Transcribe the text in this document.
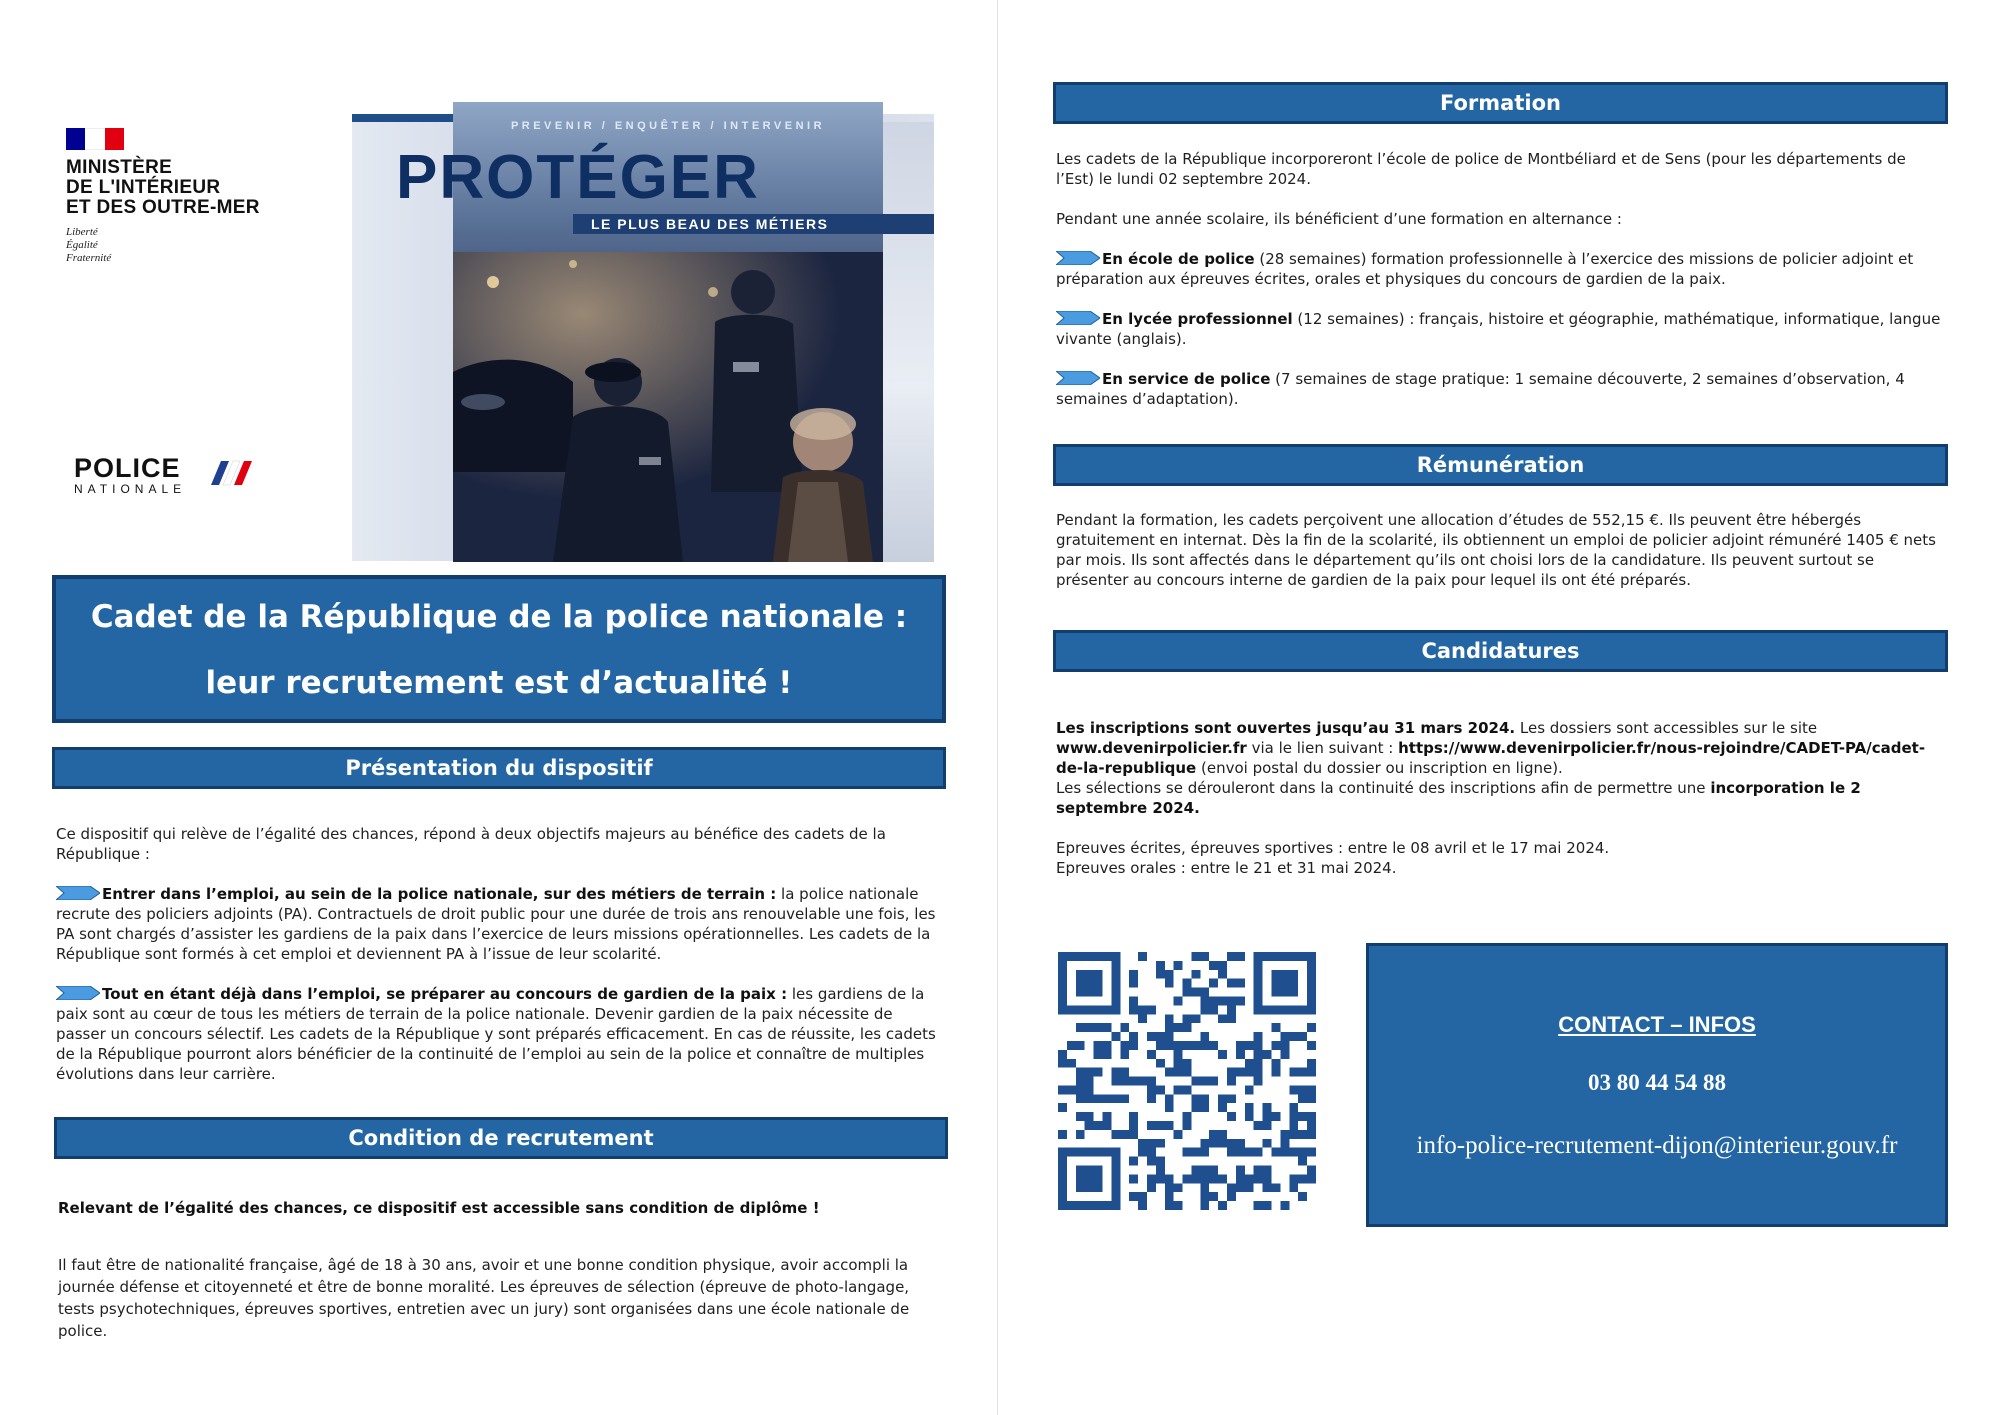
MINISTÈRE
DE L'INTÉRIEUR
ET DES OUTRE-MER
Liberté
Égalité
Fraternité
POLICE
NATIONALE
PREVENIR / ENQUÊTER / INTERVENIR
PROTÉGER
LE PLUS BEAU DES MÉTIERS
Cadet de la République de la police nationale :
leur recrutement est d’actualité !
Présentation du dispositif

Ce dispositif qui relève de l’égalité des chances, répond à deux objectifs majeurs au bénéfice des cadets de la République :

Entrer dans l’emploi, au sein de la police nationale, sur des métiers de terrain : la police nationale recrute des policiers adjoints (PA). Contractuels de droit public pour une durée de trois ans renouvelable une fois, les PA sont chargés d’assister les gardiens de la paix dans l’exercice de leurs missions opérationnelles. Les cadets de la République sont formés à cet emploi et deviennent PA à l’issue de leur scolarité.

Tout en étant déjà dans l’emploi, se préparer au concours de gardien de la paix : les gardiens de la paix sont au cœur de tous les métiers de terrain de la police nationale. Devenir gardien de la paix nécessite de passer un concours sélectif. Les cadets de la République y sont préparés efficacement. En cas de réussite, les cadets de la République pourront alors bénéficier de la continuité de l’emploi au sein de la police et connaître de multiples évolutions dans leur carrière.

Condition de recrutement

Relevant de l’égalité des chances, ce dispositif est accessible sans condition de diplôme !

Il faut être de nationalité française, âgé de 18 à 30 ans, avoir et une bonne condition physique, avoir accompli la journée défense et citoyenneté et être de bonne moralité. Les épreuves de sélection (épreuve de photo-langage, tests psychotechniques, épreuves sportives, entretien avec un jury) sont organisées dans une école nationale de police.

Formation

Les cadets de la République incorporeront l’école de police de Montbéliard et de Sens (pour les départements de l’Est) le lundi 02 septembre 2024.

Pendant une année scolaire, ils bénéficient d’une formation en alternance :

En école de police (28 semaines) formation professionnelle à l’exercice des missions de policier adjoint et préparation aux épreuves écrites, orales et physiques du concours de gardien de la paix.

En lycée professionnel (12 semaines) : français, histoire et géographie, mathématique, informatique, langue vivante (anglais).

En service de police (7 semaines de stage pratique: 1 semaine découverte, 2 semaines d’observation, 4 semaines d’adaptation).

Rémunération
Pendant la formation, les cadets perçoivent une allocation d’études de 552,15 €. Ils peuvent être hébergés gratuitement en internat. Dès la fin de la scolarité, ils obtiennent un emploi de policier adjoint rémunéré 1405 € nets par mois. Ils sont affectés dans le département qu’ils ont choisi lors de la candidature. Ils peuvent surtout se présenter au concours interne de gardien de la paix pour lequel ils ont été préparés.
Candidatures

Les inscriptions sont ouvertes jusqu’au 31 mars 2024. Les dossiers sont accessibles sur le site www.devenirpolicier.fr via le lien suivant : https://www.devenirpolicier.fr/nous-rejoindre/CADET-PA/cadet-de-la-republique (envoi postal du dossier ou inscription en ligne).

Les sélections se dérouleront dans la continuité des inscriptions afin de permettre une incorporation le 2 septembre 2024.

Epreuves écrites, épreuves sportives : entre le 08 avril et le 17 mai 2024.

Epreuves orales : entre le 21 et 31 mai 2024.

CONTACT – INFOS
03 80 44 54 88
info-police-recrutement-dijon@interieur.gouv.fr
